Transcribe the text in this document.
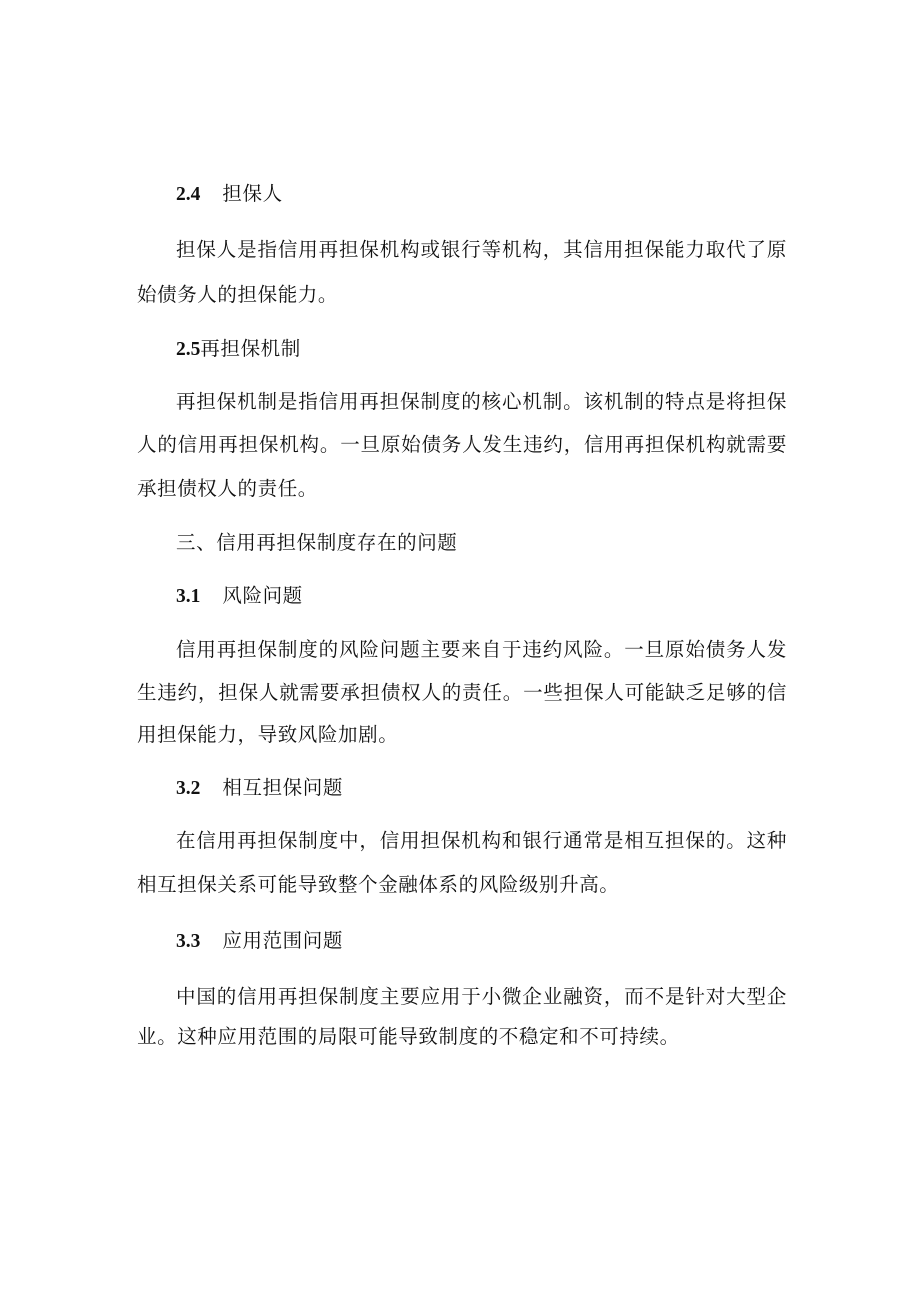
2.4 担保人
担保人是指信用再担保机构或银行等机构，其信用担保能力取代了原
始债务人的担保能力。
2.5再担保机制
再担保机制是指信用再担保制度的核心机制。该机制的特点是将担保
人的信用再担保机构。一旦原始债务人发生违约，信用再担保机构就需要
承担债权人的责任。
三、信用再担保制度存在的问题
3.1 风险问题
信用再担保制度的风险问题主要来自于违约风险。一旦原始债务人发
生违约，担保人就需要承担债权人的责任。一些担保人可能缺乏足够的信
用担保能力，导致风险加剧。
3.2 相互担保问题
在信用再担保制度中，信用担保机构和银行通常是相互担保的。这种
相互担保关系可能导致整个金融体系的风险级别升高。
3.3 应用范围问题
中国的信用再担保制度主要应用于小微企业融资，而不是针对大型企
业。这种应用范围的局限可能导致制度的不稳定和不可持续。
